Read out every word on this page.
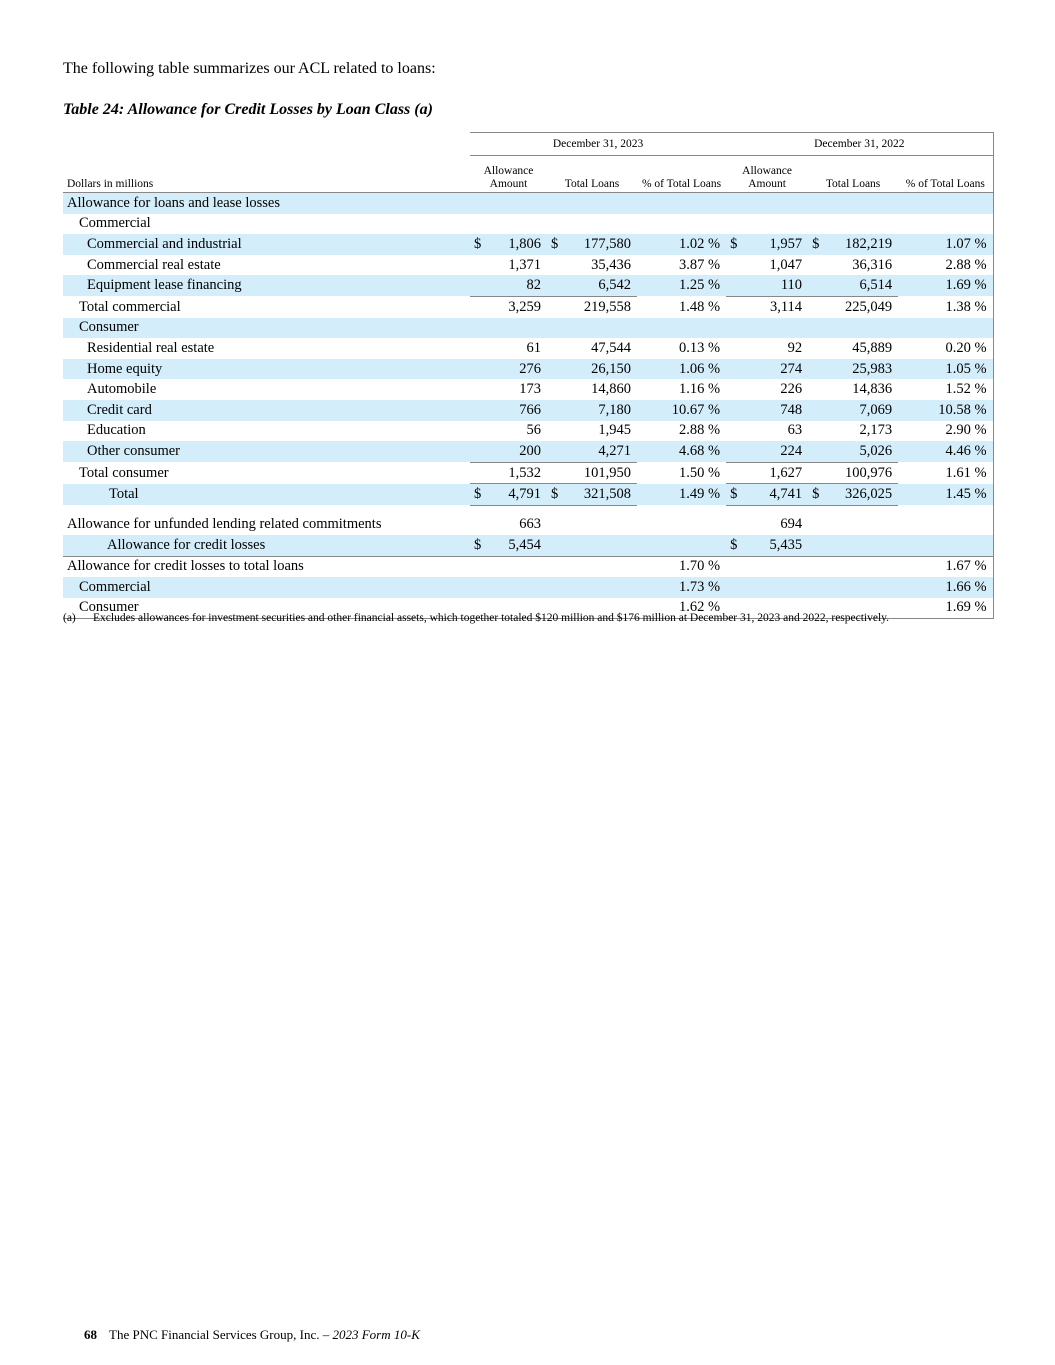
The following table summarizes our ACL related to loans:
Table 24: Allowance for Credit Losses by Loan Class (a)
	December 31, 2023					December 31, 2022				
Dollars in millions	Allowance Amount		Total Loans		% of Total Loans	Allowance Amount		Total Loans		% of Total Loans
Allowance for loans and lease losses										
Commercial										
Commercial and industrial	$	1,806	$	177,580	1.02 %	$	1,957	$	182,219	1.07 %
Commercial real estate		1,371		35,436	3.87 %		1,047		36,316	2.88 %
Equipment lease financing		82		6,542	1.25 %		110		6,514	1.69 %
Total commercial		3,259		219,558	1.48 %		3,114		225,049	1.38 %
Consumer										
Residential real estate		61		47,544	0.13 %		92		45,889	0.20 %
Home equity		276		26,150	1.06 %		274		25,983	1.05 %
Automobile		173		14,860	1.16 %		226		14,836	1.52 %
Credit card		766		7,180	10.67 %		748		7,069	10.58 %
Education		56		1,945	2.88 %		63		2,173	2.90 %
Other consumer		200		4,271	4.68 %		224		5,026	4.46 %
Total consumer		1,532		101,950	1.50 %		1,627		100,976	1.61 %
Total	$	4,791	$	321,508	1.49 %	$	4,741	$	326,025	1.45 %
Allowance for unfunded lending related commitments		663					694			
Allowance for credit losses	$	5,454				$	5,435			
Allowance for credit losses to total loans					1.70 %					1.67 %
Commercial					1.73 %					1.66 %
Consumer					1.62 %					1.69 %
(a) Excludes allowances for investment securities and other financial assets, which together totaled $120 million and $176 million at December 31, 2023 and 2022, respectively.
68 The PNC Financial Services Group, Inc. – 2023 Form 10-K
